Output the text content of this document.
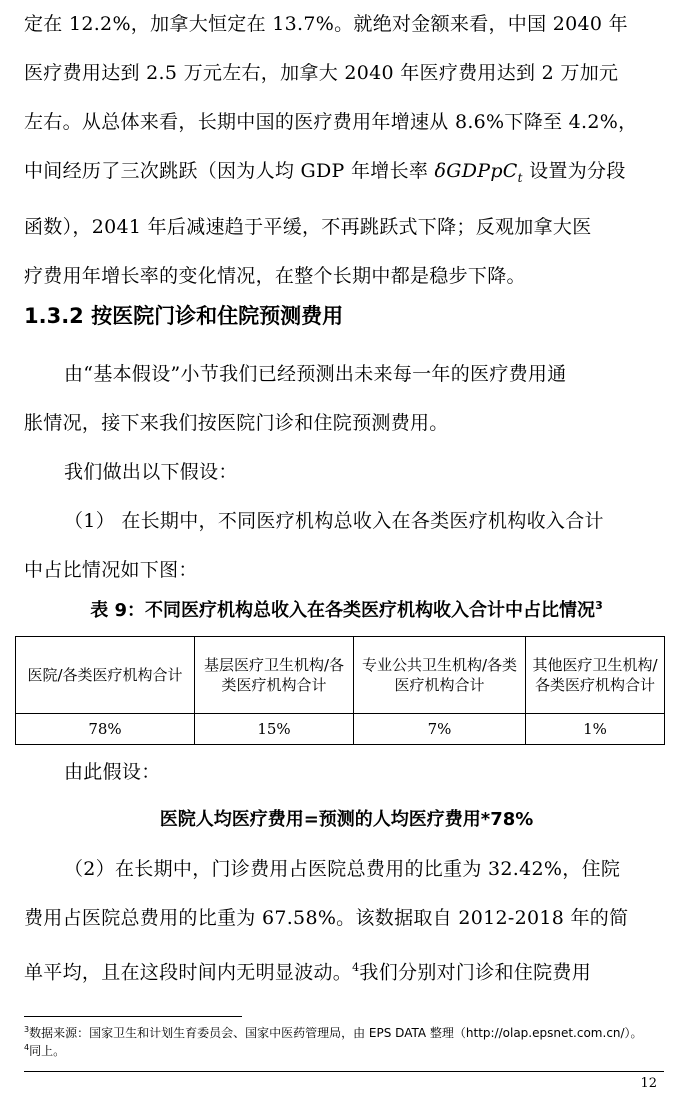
定在 12.2%，加拿大恒定在 13.7%。就绝对金额来看，中国 2040 年
医疗费用达到 2.5 万元左右，加拿大 2040 年医疗费用达到 2 万加元
左右。从总体来看，长期中国的医疗费用年增速从 8.6%下降至 4.2%，
中间经历了三次跳跃（因为人均 GDP 年增长率 δGDPpC$_t$ 设置为分段
函数），2041 年后减速趋于平缓，不再跳跃式下降；反观加拿大医
疗费用年增长率的变化情况，在整个长期中都是稳步下降。
1.3.2 按医院门诊和住院预测费用
由“基本假设”小节我们已经预测出未来每一年的医疗费用通
胀情况，接下来我们按医院门诊和住院预测费用。
我们做出以下假设：
（1） 在长期中，不同医疗机构总收入在各类医疗机构收入合计
中占比情况如下图：
表 9：不同医疗机构总收入在各类医疗机构收入合计中占比情况$^3$
医院/各类医疗机构合计	基层医疗卫生机构/各类医疗机构合计	专业公共卫生机构/各类医疗机构合计	其他医疗卫生机构/各类医疗机构合计
78%	15%	7%	1%
由此假设：
医院人均医疗费用=预测的人均医疗费用*78%
（2）在长期中，门诊费用占医院总费用的比重为 32.42%，住院
费用占医院总费用的比重为 67.58%。该数据取自 2012-2018 年的简
单平均，且在这段时间内无明显波动。$^4$我们分别对门诊和住院费用
$^3$数据来源：国家卫生和计划生育委员会、国家中医药管理局，由 EPS DATA 整理（http://olap.epsnet.com.cn/）。
$^4$同上。
12
